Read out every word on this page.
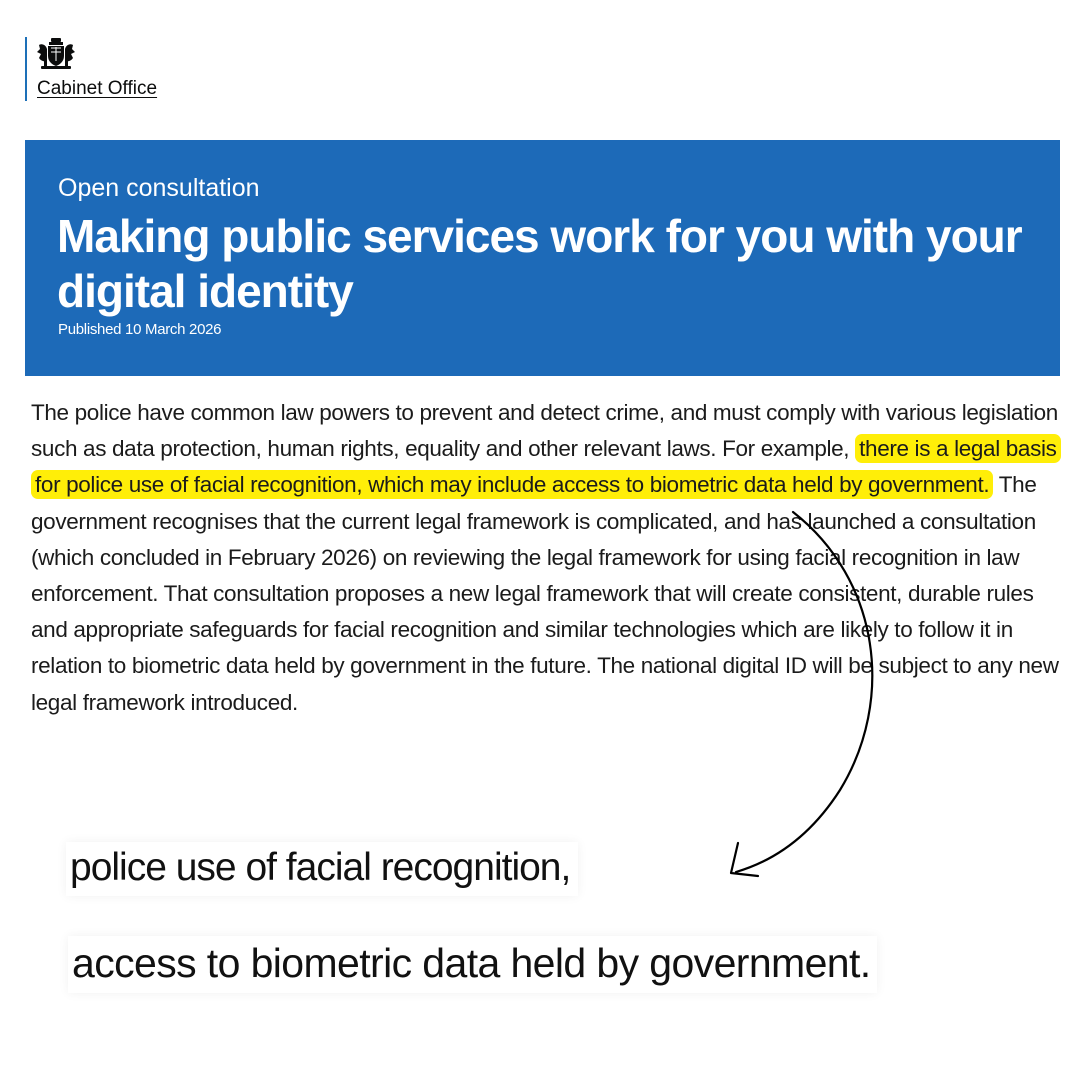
Cabinet Office
Open consultation
Making public services work for you with your digital identity
Published 10 March 2026

The police have common law powers to prevent and detect crime, and must comply with various legislation such as data protection, human rights, equality and other relevant laws. For example, there is a legal basis for police use of facial recognition, which may include access to biometric data held by government. The government recognises that the current legal framework is complicated, and has launched a consultation (which concluded in February 2026) on reviewing the legal framework for using facial recognition in law enforcement. That consultation proposes a new legal framework that will create consistent, durable rules and appropriate safeguards for facial recognition and similar technologies which are likely to follow it in relation to biometric data held by government in the future. The national digital ID will be subject to any new legal framework introduced.

police use of facial recognition,
access to biometric data held by government.
